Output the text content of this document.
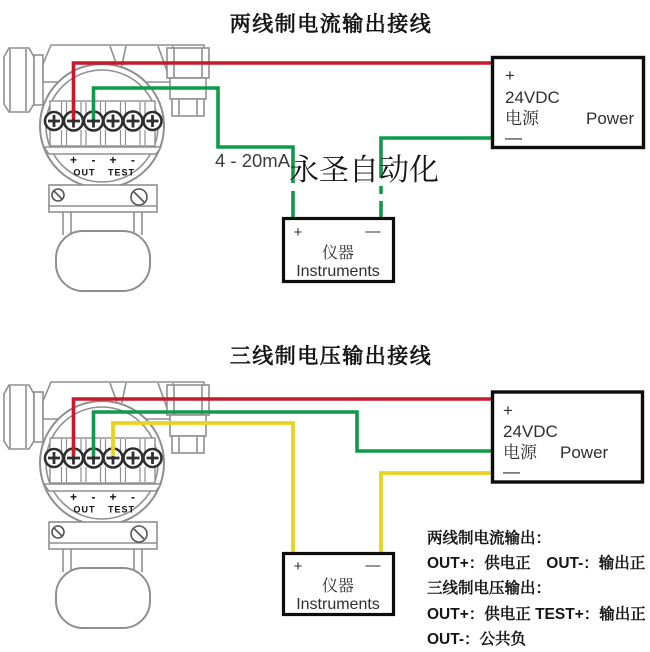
两线制电流输出接线
4 - 20mA
永圣自动化
+
24VDC
电源	Power
—
+	—
仪器
Instruments
三线制电压输出接线
+
24VDC
电源 Power
—
+	—
仪器
Instruments
两线制电流输出：
OUT+：供电正　OUT-：输出正
三线制电压输出：
OUT+：供电正 TEST+：输出正
OUT-：公共负
